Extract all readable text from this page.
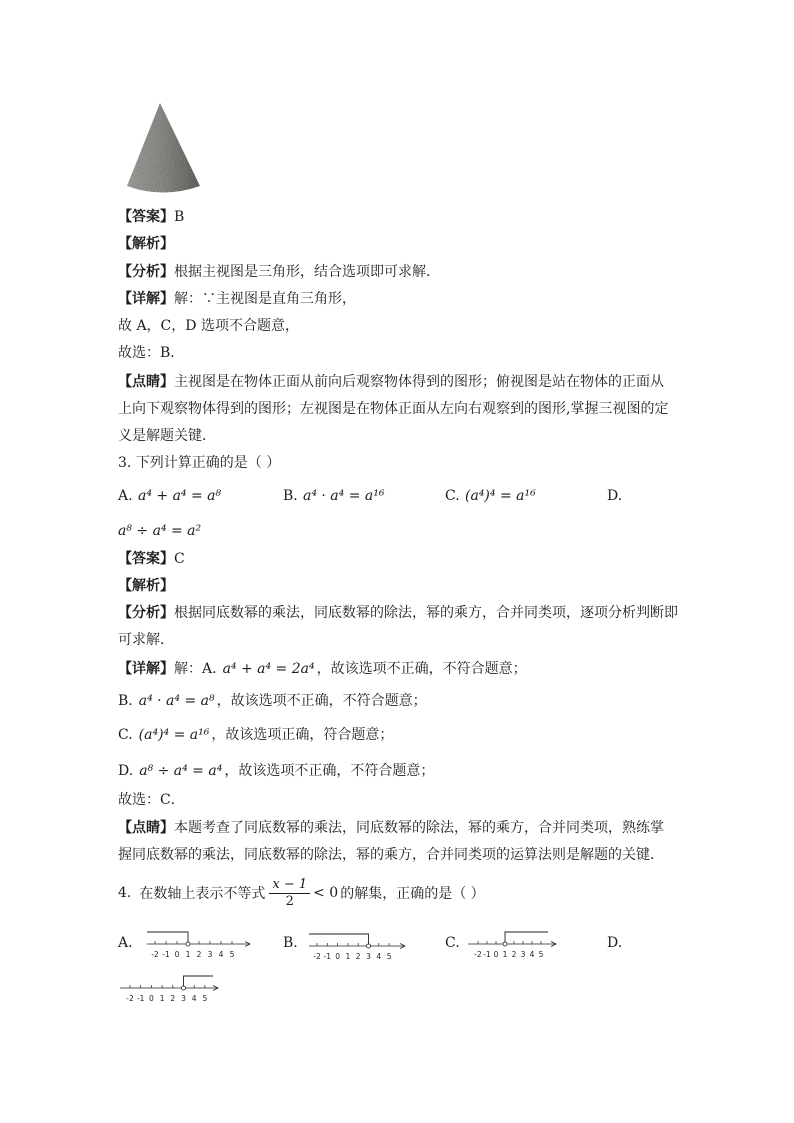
【答案】B
【解析】
【分析】根据主视图是三角形，结合选项即可求解．
【详解】解：∵主视图是直角三角形，
故 A，C，D 选项不合题意，
故选：B．
【点睛】主视图是在物体正面从前向后观察物体得到的图形；俯视图是站在物体的正面从
上向下观察物体得到的图形；左视图是在物体正面从左向右观察到的图形,掌握三视图的定
义是解题关键．
3. 下列计算正确的是（ ）
A. a⁴ + a⁴ = a⁸	B. a⁴ · a⁴ = a¹⁶	C. (a⁴)⁴ = a¹⁶	D.
a⁸ ÷ a⁴ = a²
【答案】C
【解析】
【分析】根据同底数幂的乘法，同底数幂的除法，幂的乘方，合并同类项，逐项分析判断即
可求解．
【详解】解：A. a⁴ + a⁴ = 2a⁴ ，故该选项不正确，不符合题意；
B. a⁴ · a⁴ = a⁸ ，故该选项不正确，不符合题意；
C. (a⁴)⁴ = a¹⁶ ，故该选项正确，符合题意；
D. a⁸ ÷ a⁴ = a⁴ ，故该选项不正确，不符合题意；
故选：C．
【点睛】本题考查了同底数幂的乘法，同底数幂的除法，幂的乘方，合并同类项，熟练掌
握同底数幂的乘法，同底数幂的除法，幂的乘方，合并同类项的运算法则是解题的关键．
4. 在数轴上表示不等式 $\frac{x - 1}{2} < 0$ 的解集，正确的是（ ）
A.
-2 -1 0 1 2 3 4 5
B.
-2 -1 0 1 2 3 4 5
C.
-2 -1 0 1 2 3 4 5
D.
-2 -1 0 1 2 3 4 5
